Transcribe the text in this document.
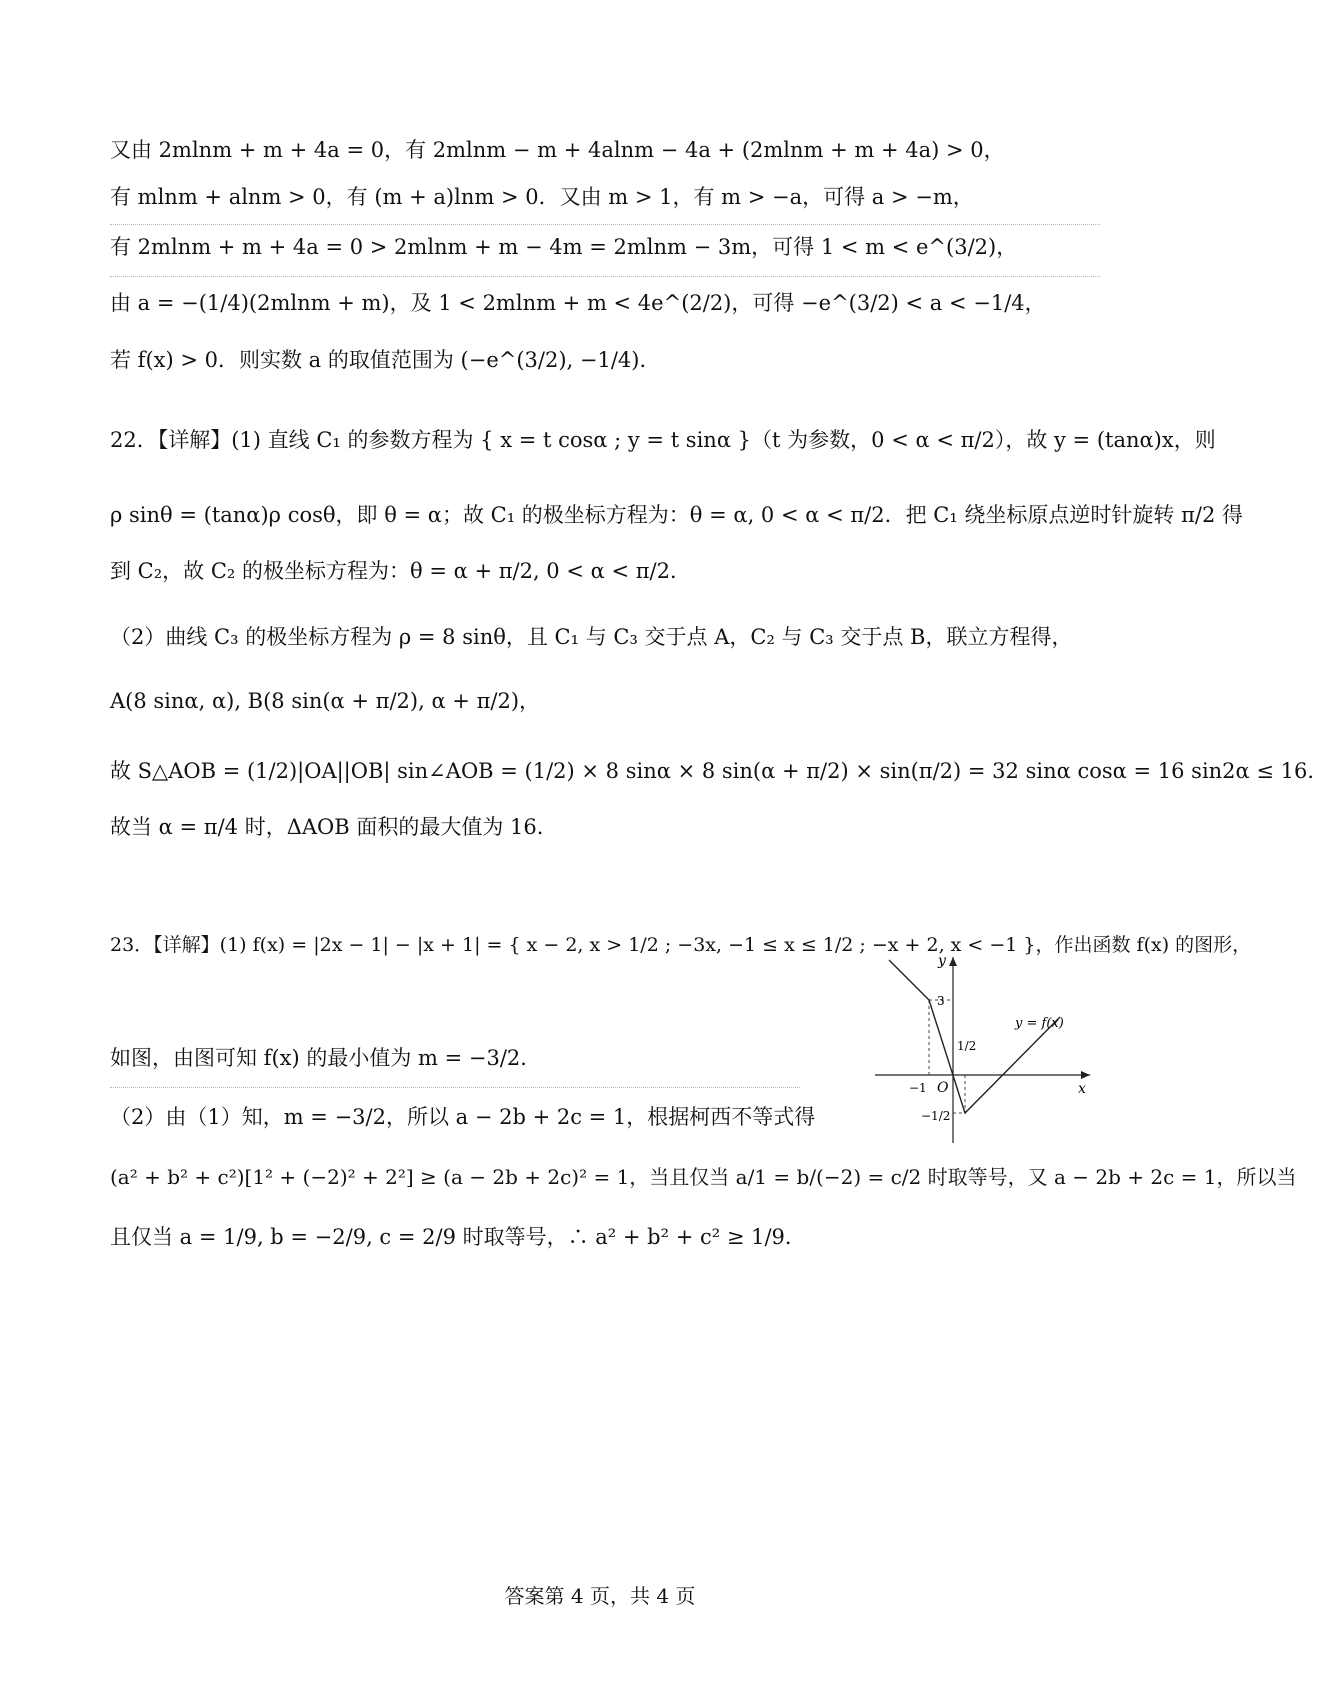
又由 2mlnm + m + 4a = 0，有 2mlnm − m + 4alnm − 4a + (2mlnm + m + 4a) > 0，
有 mlnm + alnm > 0，有 (m + a)lnm > 0．又由 m > 1，有 m > −a，可得 a > −m，
有 2mlnm + m + 4a = 0 > 2mlnm + m − 4m = 2mlnm − 3m，可得 1 < m < e^(3/2)，
由 a = −(1/4)(2mlnm + m)，及 1 < 2mlnm + m < 4e^(2/2)，可得 −e^(3/2) < a < −1/4，
若 f(x) > 0．则实数 a 的取值范围为 (−e^(3/2), −1/4)．
22．【详解】(1) 直线 C₁ 的参数方程为 { x = t cosα ; y = t sinα }（t 为参数，0 < α < π/2），故 y = (tanα)x，则
ρ sinθ = (tanα)ρ cosθ，即 θ = α；故 C₁ 的极坐标方程为：θ = α, 0 < α < π/2．把 C₁ 绕坐标原点逆时针旋转 π/2 得
到 C₂，故 C₂ 的极坐标方程为：θ = α + π/2, 0 < α < π/2．
（2）曲线 C₃ 的极坐标方程为 ρ = 8 sinθ，且 C₁ 与 C₃ 交于点 A，C₂ 与 C₃ 交于点 B，联立方程得，
A(8 sinα, α), B(8 sin(α + π/2), α + π/2)，
故 S△AOB = (1/2)|OA||OB| sin∠AOB = (1/2) × 8 sinα × 8 sin(α + π/2) × sin(π/2) = 32 sinα cosα = 16 sin2α ≤ 16．
故当 α = π/4 时，ΔAOB 面积的最大值为 16.
23．【详解】(1) f(x) = |2x − 1| − |x + 1| = { x − 2, x > 1/2 ; −3x, −1 ≤ x ≤ 1/2 ; −x + 2, x < −1 }，作出函数 f(x) 的图形，
如图，由图可知 f(x) 的最小值为 m = −3/2．
（2）由（1）知，m = −3/2，所以 a − 2b + 2c = 1，根据柯西不等式得
(a² + b² + c²)[1² + (−2)² + 2²] ≥ (a − 2b + 2c)² = 1，当且仅当 a/1 = b/(−2) = c/2 时取等号，又 a − 2b + 2c = 1，所以当
且仅当 a = 1/9, b = −2/9, c = 2/9 时取等号，∴ a² + b² + c² ≥ 1/9．
y
x
O
3
1/2
−1
−1/2
y = f(x)
答案第 4 页，共 4 页
